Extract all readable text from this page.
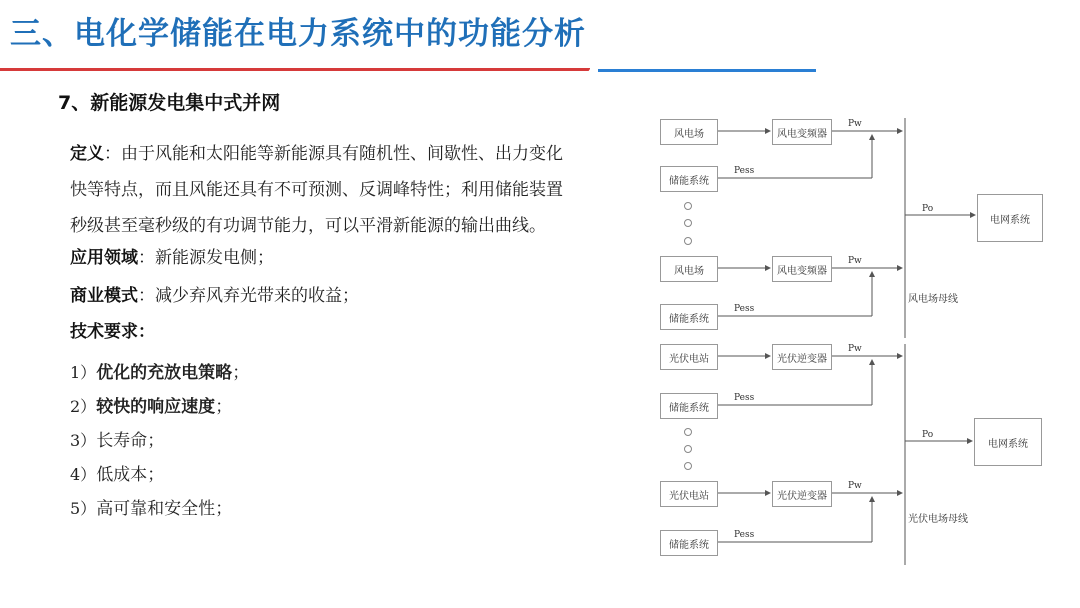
三、电化学储能在电力系统中的功能分析
7、新能源发电集中式并网
定义：由于风能和太阳能等新能源具有随机性、间歇性、出力变化
快等特点，而且风能还具有不可预测、反调峰特性；利用储能装置
秒级甚至毫秒级的有功调节能力，可以平滑新能源的输出曲线。
应用领域：新能源发电侧；
商业模式：减少弃风弃光带来的收益；
技术要求：
1）优化的充放电策略；
2）较快的响应速度；
3）长寿命；
4）低成本；
5）高可靠和安全性；
风电场	风电变频器
储能系统
风电场	风电变频器
储能系统
电网系统
Pw
Pess
Pw
Pess
Po
风电场母线
光伏电站	光伏逆变器
储能系统
光伏电站	光伏逆变器
储能系统
电网系统
Pw
Pess
Pw
Pess
Po
光伏电场母线
